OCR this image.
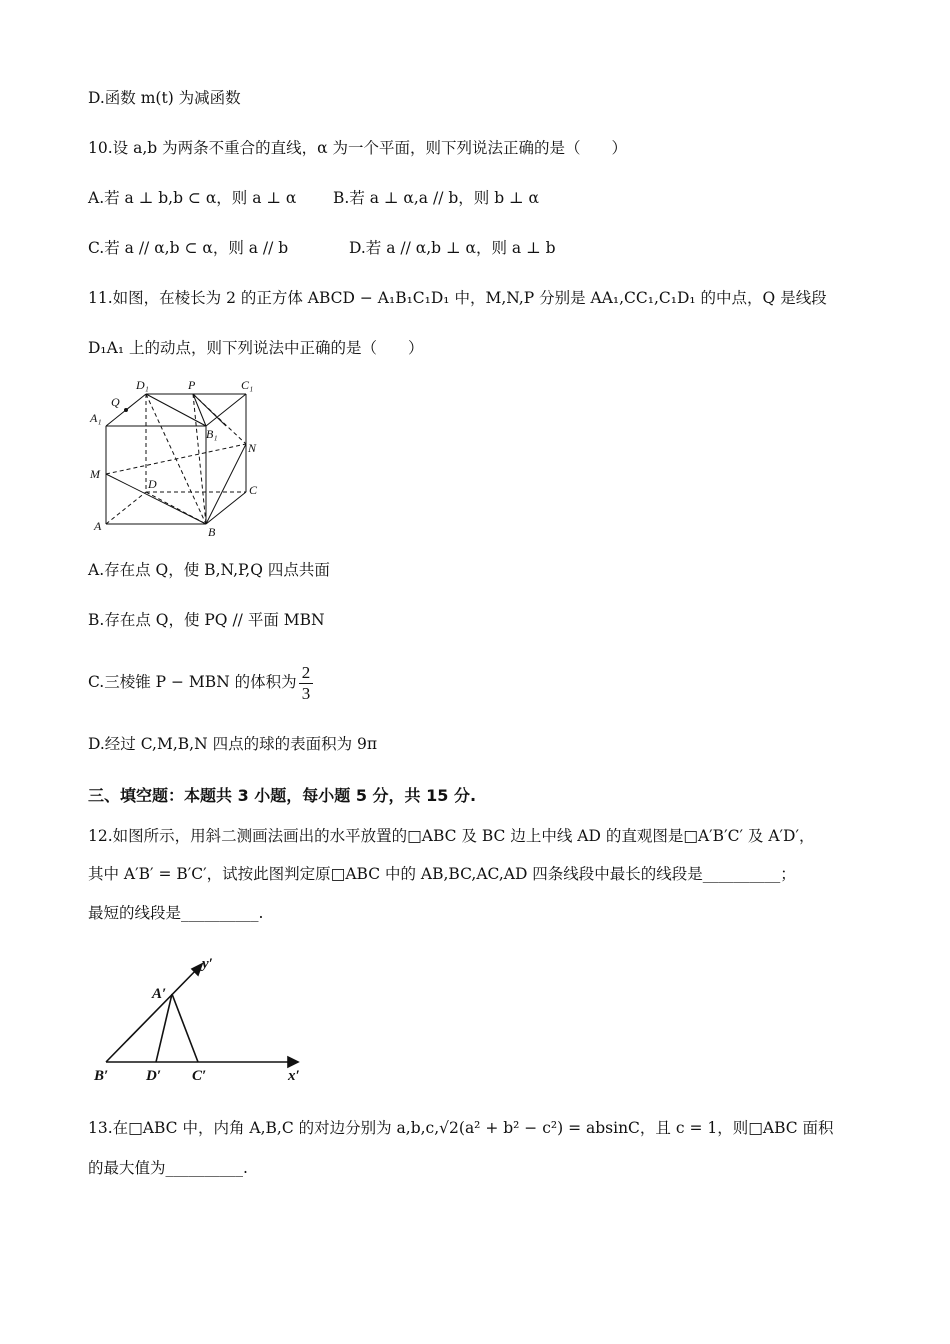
D.函数 m(t) 为减函数
10.设 a,b 为两条不重合的直线，α 为一个平面，则下列说法正确的是（　　）
A.若 a ⊥ b,b ⊂ α，则 a ⊥ α B.若 a ⊥ α,a // b，则 b ⊥ α
C.若 a // α,b ⊂ α，则 a // b	D.若 a // α,b ⊥ α，则 a ⊥ b
11.如图，在棱长为 2 的正方体 ABCD − A₁B₁C₁D₁ 中，M,N,P 分别是 AA₁,CC₁,C₁D₁ 的中点，Q 是线段
D₁A₁ 上的动点，则下列说法中正确的是（　　）
D₁	P	C₁
Q
A₁
B₁
N
M
D	C
A	B
A.存在点 Q，使 B,N,P,Q 四点共面
B.存在点 Q，使 PQ // 平面 MBN
C.三棱锥 P − MBN 的体积为 $\frac{2}{3}$
D.经过 C,M,B,N 四点的球的表面积为 9π
三、填空题：本题共 3 小题，每小题 5 分，共 15 分.
12.如图所示，用斜二测画法画出的水平放置的□ABC 及 BC 边上中线 AD 的直观图是□A′B′C′ 及 A′D′，
其中 A′B′ = B′C′，试按此图判定原□ABC 中的 AB,BC,AC,AD 四条线段中最长的线段是__________；
最短的线段是__________.
y′
A′
B′	D′ C′	x′
13.在□ABC 中，内角 A,B,C 的对边分别为 a,b,c,√2(a² + b² − c²) = absinC，且 c = 1，则□ABC 面积
的最大值为__________.
